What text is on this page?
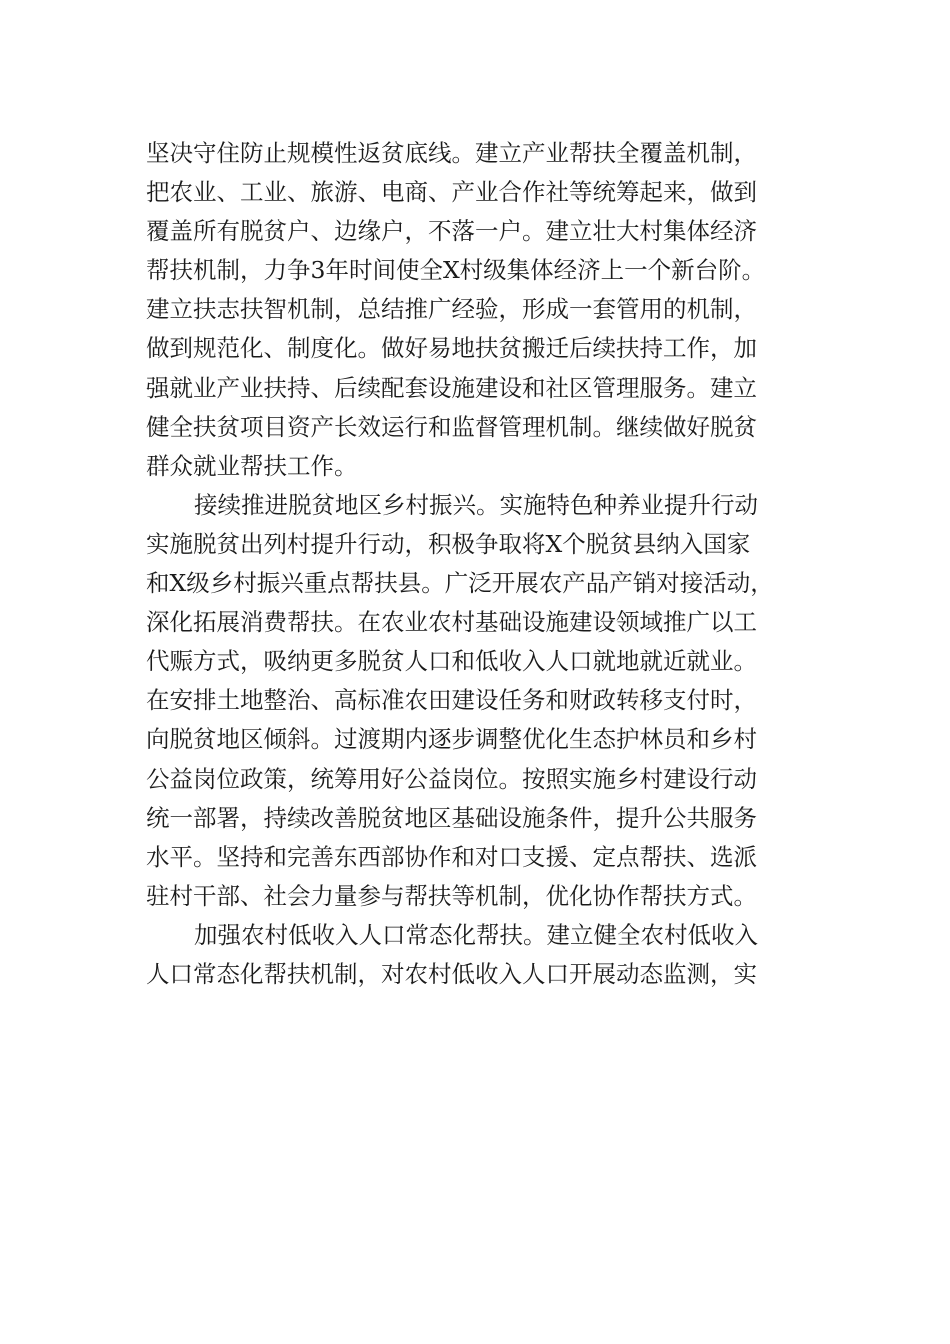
坚决守住防止规模性返贫底线。建立产业帮扶全覆盖机制，
把农业、工业、旅游、电商、产业合作社等统筹起来，做到
覆盖所有脱贫户、边缘户，不落一户。建立壮大村集体经济
帮扶机制，力争3年时间使全X村级集体经济上一个新台阶。
建立扶志扶智机制，总结推广经验，形成一套管用的机制，
做到规范化、制度化。做好易地扶贫搬迁后续扶持工作，加
强就业产业扶持、后续配套设施建设和社区管理服务。建立
健全扶贫项目资产长效运行和监督管理机制。继续做好脱贫
群众就业帮扶工作。
接续推进脱贫地区乡村振兴。实施特色种养业提升行动
实施脱贫出列村提升行动，积极争取将X个脱贫县纳入国家
和X级乡村振兴重点帮扶县。广泛开展农产品产销对接活动，
深化拓展消费帮扶。在农业农村基础设施建设领域推广以工
代赈方式，吸纳更多脱贫人口和低收入人口就地就近就业。
在安排土地整治、高标准农田建设任务和财政转移支付时，
向脱贫地区倾斜。过渡期内逐步调整优化生态护林员和乡村
公益岗位政策，统筹用好公益岗位。按照实施乡村建设行动
统一部署，持续改善脱贫地区基础设施条件，提升公共服务
水平。坚持和完善东西部协作和对口支援、定点帮扶、选派
驻村干部、社会力量参与帮扶等机制，优化协作帮扶方式。
加强农村低收入人口常态化帮扶。建立健全农村低收入
人口常态化帮扶机制，对农村低收入人口开展动态监测，实
